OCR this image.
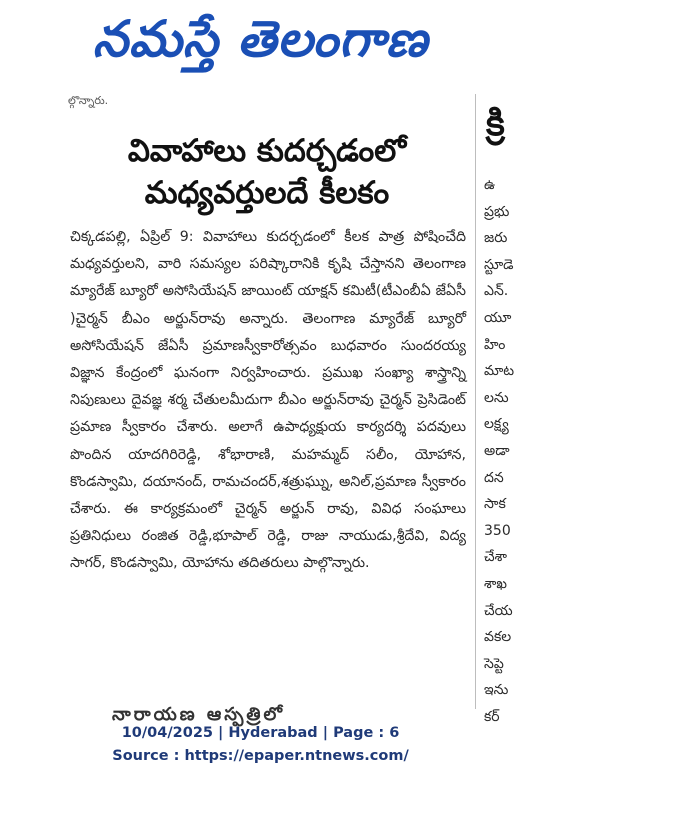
నమస్తే తెలంగాణ
ల్గొన్నారు.
వివాహాలు కుదర్చడంలో
మధ్యవర్తులదే కీలకం
చిక్కడపల్లి, ఏప్రిల్ 9: వివాహాలు కుదర్చడంలో కీలక పాత్ర పోషించేది మధ్యవర్తులని, వారి సమస్యల పరిష్కారానికి కృషి చేస్తానని తెలంగాణ మ్యారేజ్ బ్యూరో అసోసియేషన్ జాయింట్ యాక్షన్ కమిటీ(టీఎంబీఏ జేఏసీ )చైర్మన్ బీఎం అర్జున్‌రావు అన్నారు. తెలంగాణ మ్యారేజ్ బ్యూరో అసోసియేషన్ జేఏసీ ప్రమాణస్వీకారోత్సవం బుధవారం సుందరయ్య విజ్ఞాన కేంద్రంలో ఘనంగా నిర్వహించారు. ప్రముఖ సంఖ్యా శాస్త్రాన్ని నిపుణులు దైవజ్ఞ శర్మ చేతులమీదుగా బీఎం అర్జున్‌రావు చైర్మన్ ప్రెసిడెంట్ ప్రమాణ స్వీకారం చేశారు. అలాగే ఉపాధ్యక్షుయ కార్యదర్శి పదవులు పొందిన యాదగిరిరెడ్డి, శోభారాణి, మహమ్మద్ సలీం, యోహాన, కొండస్వామి, దయానంద్, రామచందర్,శత్రుఘ్ను, అనిల్,ప్రమాణ స్వీకారం చేశారు. ఈ కార్యక్రమంలో చైర్మన్ అర్జున్ రావు, వివిధ సంఘాలు ప్రతినిధులు రంజిత రెడ్డి,భూపాల్ రెడ్డి, రాజు నాయుడు,శ్రీదేవి, విద్య సాగర్, కొండస్వామి, యోహాను తదితరులు పాల్గొన్నారు.
నారాయణ ఆస్పత్రిలో
క్రి
ఉ
ప్రభు
జరు
స్టూడె
ఎన్.
యూ
హిం
మాట
లను
లక్ష్య
అడా
దన
సాక
350
చేశా
శాఖ
చేయ
వకల
సెప్టె
ఇను
కర్
10/04/2025 | Hyderabad | Page : 6
Source : https://epaper.ntnews.com/
